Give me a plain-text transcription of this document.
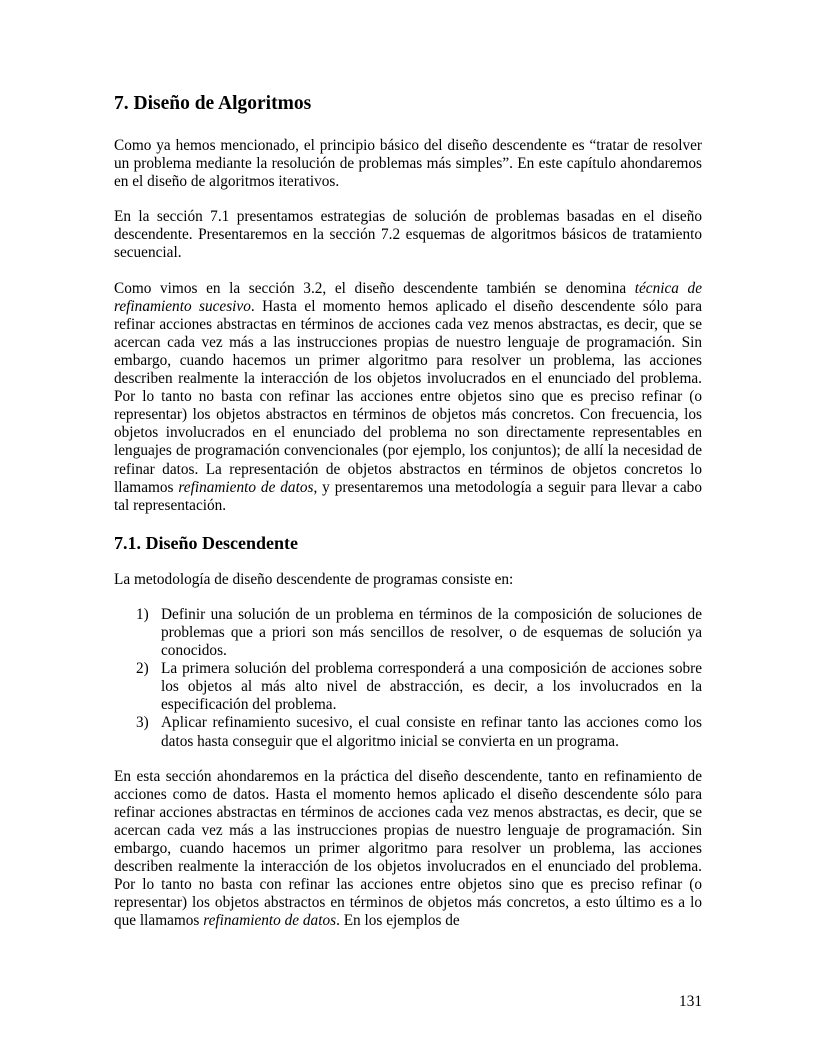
7. Diseño de Algoritmos

Como ya hemos mencionado, el principio básico del diseño descendente es “tratar de resolver un problema mediante la resolución de problemas más simples”. En este capítulo ahondaremos en el diseño de algoritmos iterativos.

En la sección 7.1 presentamos estrategias de solución de problemas basadas en el diseño descendente. Presentaremos en la sección 7.2 esquemas de algoritmos básicos de tratamiento secuencial.

Como vimos en la sección 3.2, el diseño descendente también se denomina técnica de refinamiento sucesivo. Hasta el momento hemos aplicado el diseño descendente sólo para refinar acciones abstractas en términos de acciones cada vez menos abstractas, es decir, que se acercan cada vez más a las instrucciones propias de nuestro lenguaje de programación. Sin embargo, cuando hacemos un primer algoritmo para resolver un problema, las acciones describen realmente la interacción de los objetos involucrados en el enunciado del problema. Por lo tanto no basta con refinar las acciones entre objetos sino que es preciso refinar (o representar) los objetos abstractos en términos de objetos más concretos. Con frecuencia, los objetos involucrados en el enunciado del problema no son directamente representables en lenguajes de programación convencionales (por ejemplo, los conjuntos); de allí la necesidad de refinar datos. La representación de objetos abstractos en términos de objetos concretos lo llamamos refinamiento de datos, y presentaremos una metodología a seguir para llevar a cabo tal representación.

7.1. Diseño Descendente

La metodología de diseño descendente de programas consiste en:

1) Definir una solución de un problema en términos de la composición de soluciones de problemas que a priori son más sencillos de resolver, o de esquemas de solución ya conocidos.
2) La primera solución del problema corresponderá a una composición de acciones sobre los objetos al más alto nivel de abstracción, es decir, a los involucrados en la especificación del problema.
3) Aplicar refinamiento sucesivo, el cual consiste en refinar tanto las acciones como los datos hasta conseguir que el algoritmo inicial se convierta en un programa.

En esta sección ahondaremos en la práctica del diseño descendente, tanto en refinamiento de acciones como de datos. Hasta el momento hemos aplicado el diseño descendente sólo para refinar acciones abstractas en términos de acciones cada vez menos abstractas, es decir, que se acercan cada vez más a las instrucciones propias de nuestro lenguaje de programación. Sin embargo, cuando hacemos un primer algoritmo para resolver un problema, las acciones describen realmente la interacción de los objetos involucrados en el enunciado del problema. Por lo tanto no basta con refinar las acciones entre objetos sino que es preciso refinar (o representar) los objetos abstractos en términos de objetos más concretos, a esto último es a lo que llamamos refinamiento de datos. En los ejemplos de

131
